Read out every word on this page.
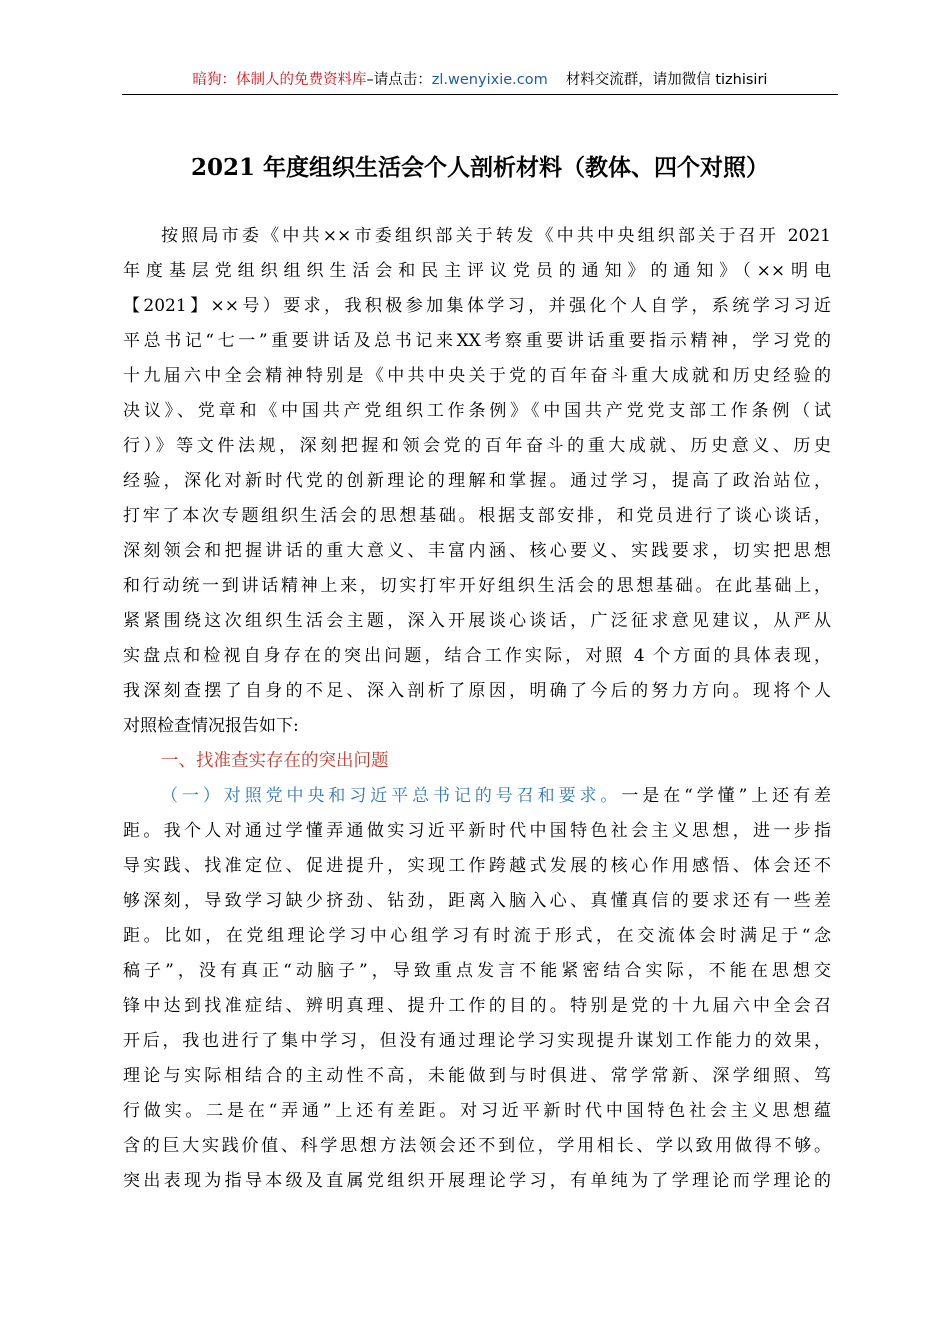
暗狗：体制人的免费资料库–请点击：zl.wenyixie.com 材料交流群，请加微信 tizhisiri
2021 年度组织生活会个人剖析材料（教体、四个对照）
按照局市委《中共××市委组织部关于转发《中共中央组织部关于召开 2021
年度基层党组织组织生活会和民主评议党员的通知》的通知》（××明电
【2021】××号）要求，我积极参加集体学习，并强化个人自学，系统学习习近
平总书记“七一”重要讲话及总书记来XX考察重要讲话重要指示精神，学习党的
十九届六中全会精神特别是《中共中央关于党的百年奋斗重大成就和历史经验的
决议》、党章和《中国共产党组织工作条例》《中国共产党党支部工作条例（试
行）》等文件法规，深刻把握和领会党的百年奋斗的重大成就、历史意义、历史
经验，深化对新时代党的创新理论的理解和掌握。通过学习，提高了政治站位，
打牢了本次专题组织生活会的思想基础。根据支部安排，和党员进行了谈心谈话，
深刻领会和把握讲话的重大意义、丰富内涵、核心要义、实践要求，切实把思想
和行动统一到讲话精神上来，切实打牢开好组织生活会的思想基础。在此基础上，
紧紧围绕这次组织生活会主题，深入开展谈心谈话，广泛征求意见建议，从严从
实盘点和检视自身存在的突出问题，结合工作实际，对照 4 个方面的具体表现，
我深刻查摆了自身的不足、深入剖析了原因，明确了今后的努力方向。现将个人
对照检查情况报告如下:
一、找准查实存在的突出问题
（一）对照党中央和习近平总书记的号召和要求。一是在“学懂”上还有差
距。我个人对通过学懂弄通做实习近平新时代中国特色社会主义思想，进一步指
导实践、找准定位、促进提升，实现工作跨越式发展的核心作用感悟、体会还不
够深刻，导致学习缺少挤劲、钻劲，距离入脑入心、真懂真信的要求还有一些差
距。比如，在党组理论学习中心组学习有时流于形式，在交流体会时满足于“念
稿子”，没有真正“动脑子”，导致重点发言不能紧密结合实际，不能在思想交
锋中达到找准症结、辨明真理、提升工作的目的。特别是党的十九届六中全会召
开后，我也进行了集中学习，但没有通过理论学习实现提升谋划工作能力的效果，
理论与实际相结合的主动性不高，未能做到与时俱进、常学常新、深学细照、笃
行做实。二是在“弄通”上还有差距。对习近平新时代中国特色社会主义思想蕴
含的巨大实践价值、科学思想方法领会还不到位，学用相长、学以致用做得不够。
突出表现为指导本级及直属党组织开展理论学习，有单纯为了学理论而学理论的
